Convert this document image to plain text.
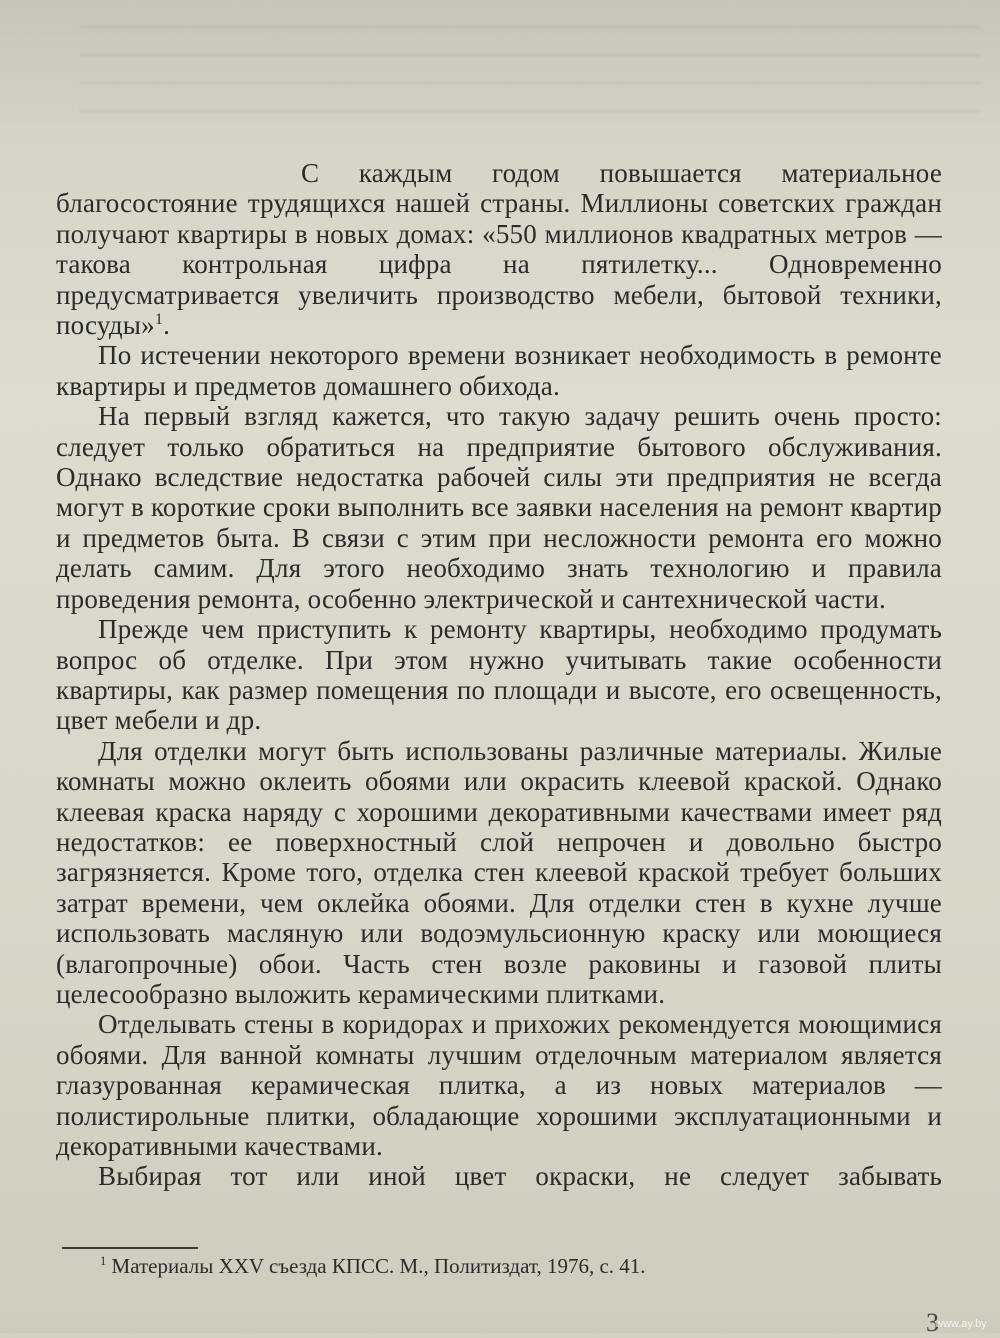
С каждым годом повышается материальное благосостояние трудящихся нашей страны. Миллионы советских граждан получают квартиры в новых домах: «550 миллионов квадратных метров — такова контрольная цифра на пятилетку... Одновременно предусматривается увеличить производство мебели, бытовой техники, посуды»$^1$.

По истечении некоторого времени возникает необходимость в ремонте квартиры и предметов домашнего обихода.

На первый взгляд кажется, что такую задачу решить очень просто: следует только обратиться на предприятие бытового обслуживания. Однако вследствие недостатка рабочей силы эти предприятия не всегда могут в короткие сроки выполнить все заявки населения на ремонт квартир и предметов быта. В связи с этим при несложности ремонта его можно делать самим. Для этого необходимо знать технологию и правила проведения ремонта, особенно электрической и сантехнической части.

Прежде чем приступить к ремонту квартиры, необходимо продумать вопрос об отделке. При этом нужно учитывать такие особенности квартиры, как размер помещения по площади и высоте, его освещенность, цвет мебели и др.

Для отделки могут быть использованы различные материалы. Жилые комнаты можно оклеить обоями или окрасить клеевой краской. Однако клеевая краска наряду с хорошими декоративными качествами имеет ряд недостатков: ее поверхностный слой непрочен и довольно быстро загрязняется. Кроме того, отделка стен клеевой краской требует больших затрат времени, чем оклейка обоями. Для отделки стен в кухне лучше использовать масляную или водоэмульсионную краску или моющиеся (влагопрочные) обои. Часть стен возле раковины и газовой плиты целесообразно выложить керамическими плитками.

Отделывать стены в коридорах и прихожих рекомендуется моющимися обоями. Для ванной комнаты лучшим отделочным материалом является глазурованная керамическая плитка, а из новых материалов — полистирольные плитки, обладающие хорошими эксплуатационными и декоративными качествами.

Выбирая тот или иной цвет окраски, не следует забывать

$^1$ Материалы XXV съезда КПСС. М., Политиздат, 1976, с. 41.
3
www.ay.by
